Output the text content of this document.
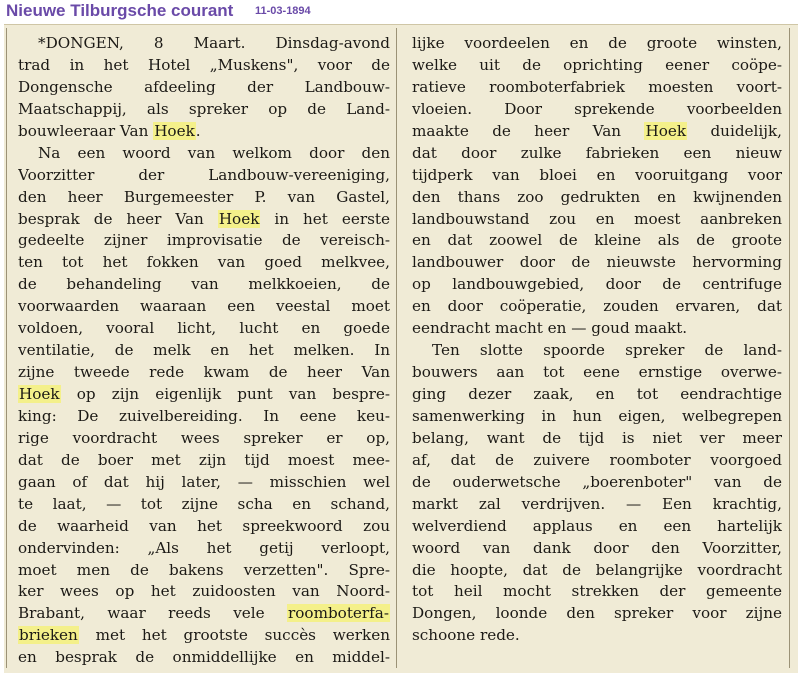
Nieuwe Tilburgsche courant 11-03-1894
*DONGEN, 8 Maart. Dinsdag-avond
trad in het Hotel „Muskens", voor de
Dongensche afdeeling der Landbouw-
Maatschappij, als spreker op de Land-
bouwleeraar Van Hoek.
Na een woord van welkom door den
Voorzitter der Landbouw-vereeniging,
den heer Burgemeester P. van Gastel,
besprak de heer Van Hoek in het eerste
gedeelte zijner improvisatie de vereisch-
ten tot het fokken van goed melkvee,
de behandeling van melkkoeien, de
voorwaarden waaraan een veestal moet
voldoen, vooral licht, lucht en goede
ventilatie, de melk en het melken. In
zijne tweede rede kwam de heer Van
Hoek op zijn eigenlijk punt van bespre-
king: De zuivelbereiding. In eene keu-
rige voordracht wees spreker er op,
dat de boer met zijn tijd moest mee-
gaan of dat hij later, — misschien wel
te laat, — tot zijne scha en schand,
de waarheid van het spreekwoord zou
ondervinden: „Als het getij verloopt,
moet men de bakens verzetten". Spre-
ker wees op het zuidoosten van Noord-
Brabant, waar reeds vele roomboterfa-
brieken met het grootste succès werken
en besprak de onmiddellijke en middel-
lijke voordeelen en de groote winsten,
welke uit de oprichting eener coöpe-
ratieve roomboterfabriek moesten voort-
vloeien. Door sprekende voorbeelden
maakte de heer Van Hoek duidelijk,
dat door zulke fabrieken een nieuw
tijdperk van bloei en vooruitgang voor
den thans zoo gedrukten en kwijnenden
landbouwstand zou en moest aanbreken
en dat zoowel de kleine als de groote
landbouwer door de nieuwste hervorming
op landbouwgebied, door de centrifuge
en door coöperatie, zouden ervaren, dat
eendracht macht en — goud maakt.
Ten slotte spoorde spreker de land-
bouwers aan tot eene ernstige overwe-
ging dezer zaak, en tot eendrachtige
samenwerking in hun eigen, welbegrepen
belang, want de tijd is niet ver meer
af, dat de zuivere roomboter voorgoed
de ouderwetsche „boerenboter" van de
markt zal verdrijven. — Een krachtig,
welverdiend applaus en een hartelijk
woord van dank door den Voorzitter,
die hoopte, dat de belangrijke voordracht
tot heil mocht strekken der gemeente
Dongen, loonde den spreker voor zijne
schoone rede.
